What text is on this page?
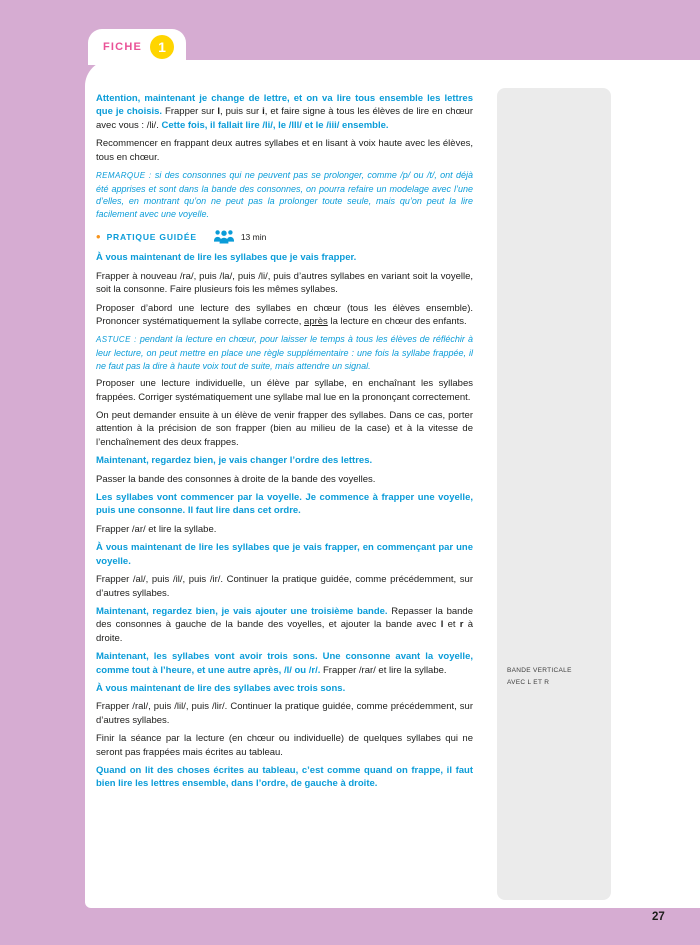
FICHE	1

Attention, maintenant je change de lettre, et on va lire tous ensemble les lettres que je choisis. Frapper sur l, puis sur i, et faire signe à tous les élèves de lire en chœur avec vous : /li/. Cette fois, il fallait lire /li/, le /lll/ et le /iii/ ensemble.

Recommencer en frappant deux autres syllabes et en lisant à voix haute avec les élèves, tous en chœur.

REMARQUE : si des consonnes qui ne peuvent pas se prolonger, comme /p/ ou /t/, ont déjà été apprises et sont dans la bande des consonnes, on pourra refaire un modelage avec l’une d’elles, en montrant qu’on ne peut pas la prolonger toute seule, mais qu’on peut la lire facilement avec une voyelle.

• PRATIQUE GUIDÉE	13 min

À vous maintenant de lire les syllabes que je vais frapper.

Frapper à nouveau /ra/, puis /la/, puis /li/, puis d’autres syllabes en variant soit la voyelle, soit la consonne. Faire plusieurs fois les mêmes syllabes.

Proposer d’abord une lecture des syllabes en chœur (tous les élèves ensemble). Prononcer systématiquement la syllabe correcte, après la lecture en chœur des enfants.

ASTUCE : pendant la lecture en chœur, pour laisser le temps à tous les élèves de réfléchir à leur lecture, on peut mettre en place une règle supplémentaire : une fois la syllabe frappée, il ne faut pas la dire à haute voix tout de suite, mais attendre un signal.

Proposer une lecture individuelle, un élève par syllabe, en enchaînant les syllabes frappées. Corriger systématiquement une syllabe mal lue en la prononçant correctement.

On peut demander ensuite à un élève de venir frapper des syllabes. Dans ce cas, porter attention à la précision de son frapper (bien au milieu de la case) et à la vitesse de l’enchaînement des deux frappes.

Maintenant, regardez bien, je vais changer l’ordre des lettres.

Passer la bande des consonnes à droite de la bande des voyelles.

Les syllabes vont commencer par la voyelle. Je commence à frapper une voyelle, puis une consonne. Il faut lire dans cet ordre.

Frapper /ar/ et lire la syllabe.

À vous maintenant de lire les syllabes que je vais frapper, en commençant par une voyelle.

Frapper /al/, puis /il/, puis /ir/. Continuer la pratique guidée, comme précédemment, sur d’autres syllabes.

Maintenant, regardez bien, je vais ajouter une troisième bande. Repasser la bande des consonnes à gauche de la bande des voyelles, et ajouter la bande avec l et r à droite.

Maintenant, les syllabes vont avoir trois sons. Une consonne avant la voyelle, comme tout à l’heure, et une autre après, /l/ ou /r/. Frapper /rar/ et lire la syllabe.

À vous maintenant de lire des syllabes avec trois sons.

Frapper /ral/, puis /lil/, puis /lir/. Continuer la pratique guidée, comme précédemment, sur d’autres syllabes.

Finir la séance par la lecture (en chœur ou individuelle) de quelques syllabes qui ne seront pas frappées mais écrites au tableau.

Quand on lit des choses écrites au tableau, c’est comme quand on frappe, il faut bien lire les lettres ensemble, dans l’ordre, de gauche à droite.

BANDE VERTICALE
AVEC L ET R
27
